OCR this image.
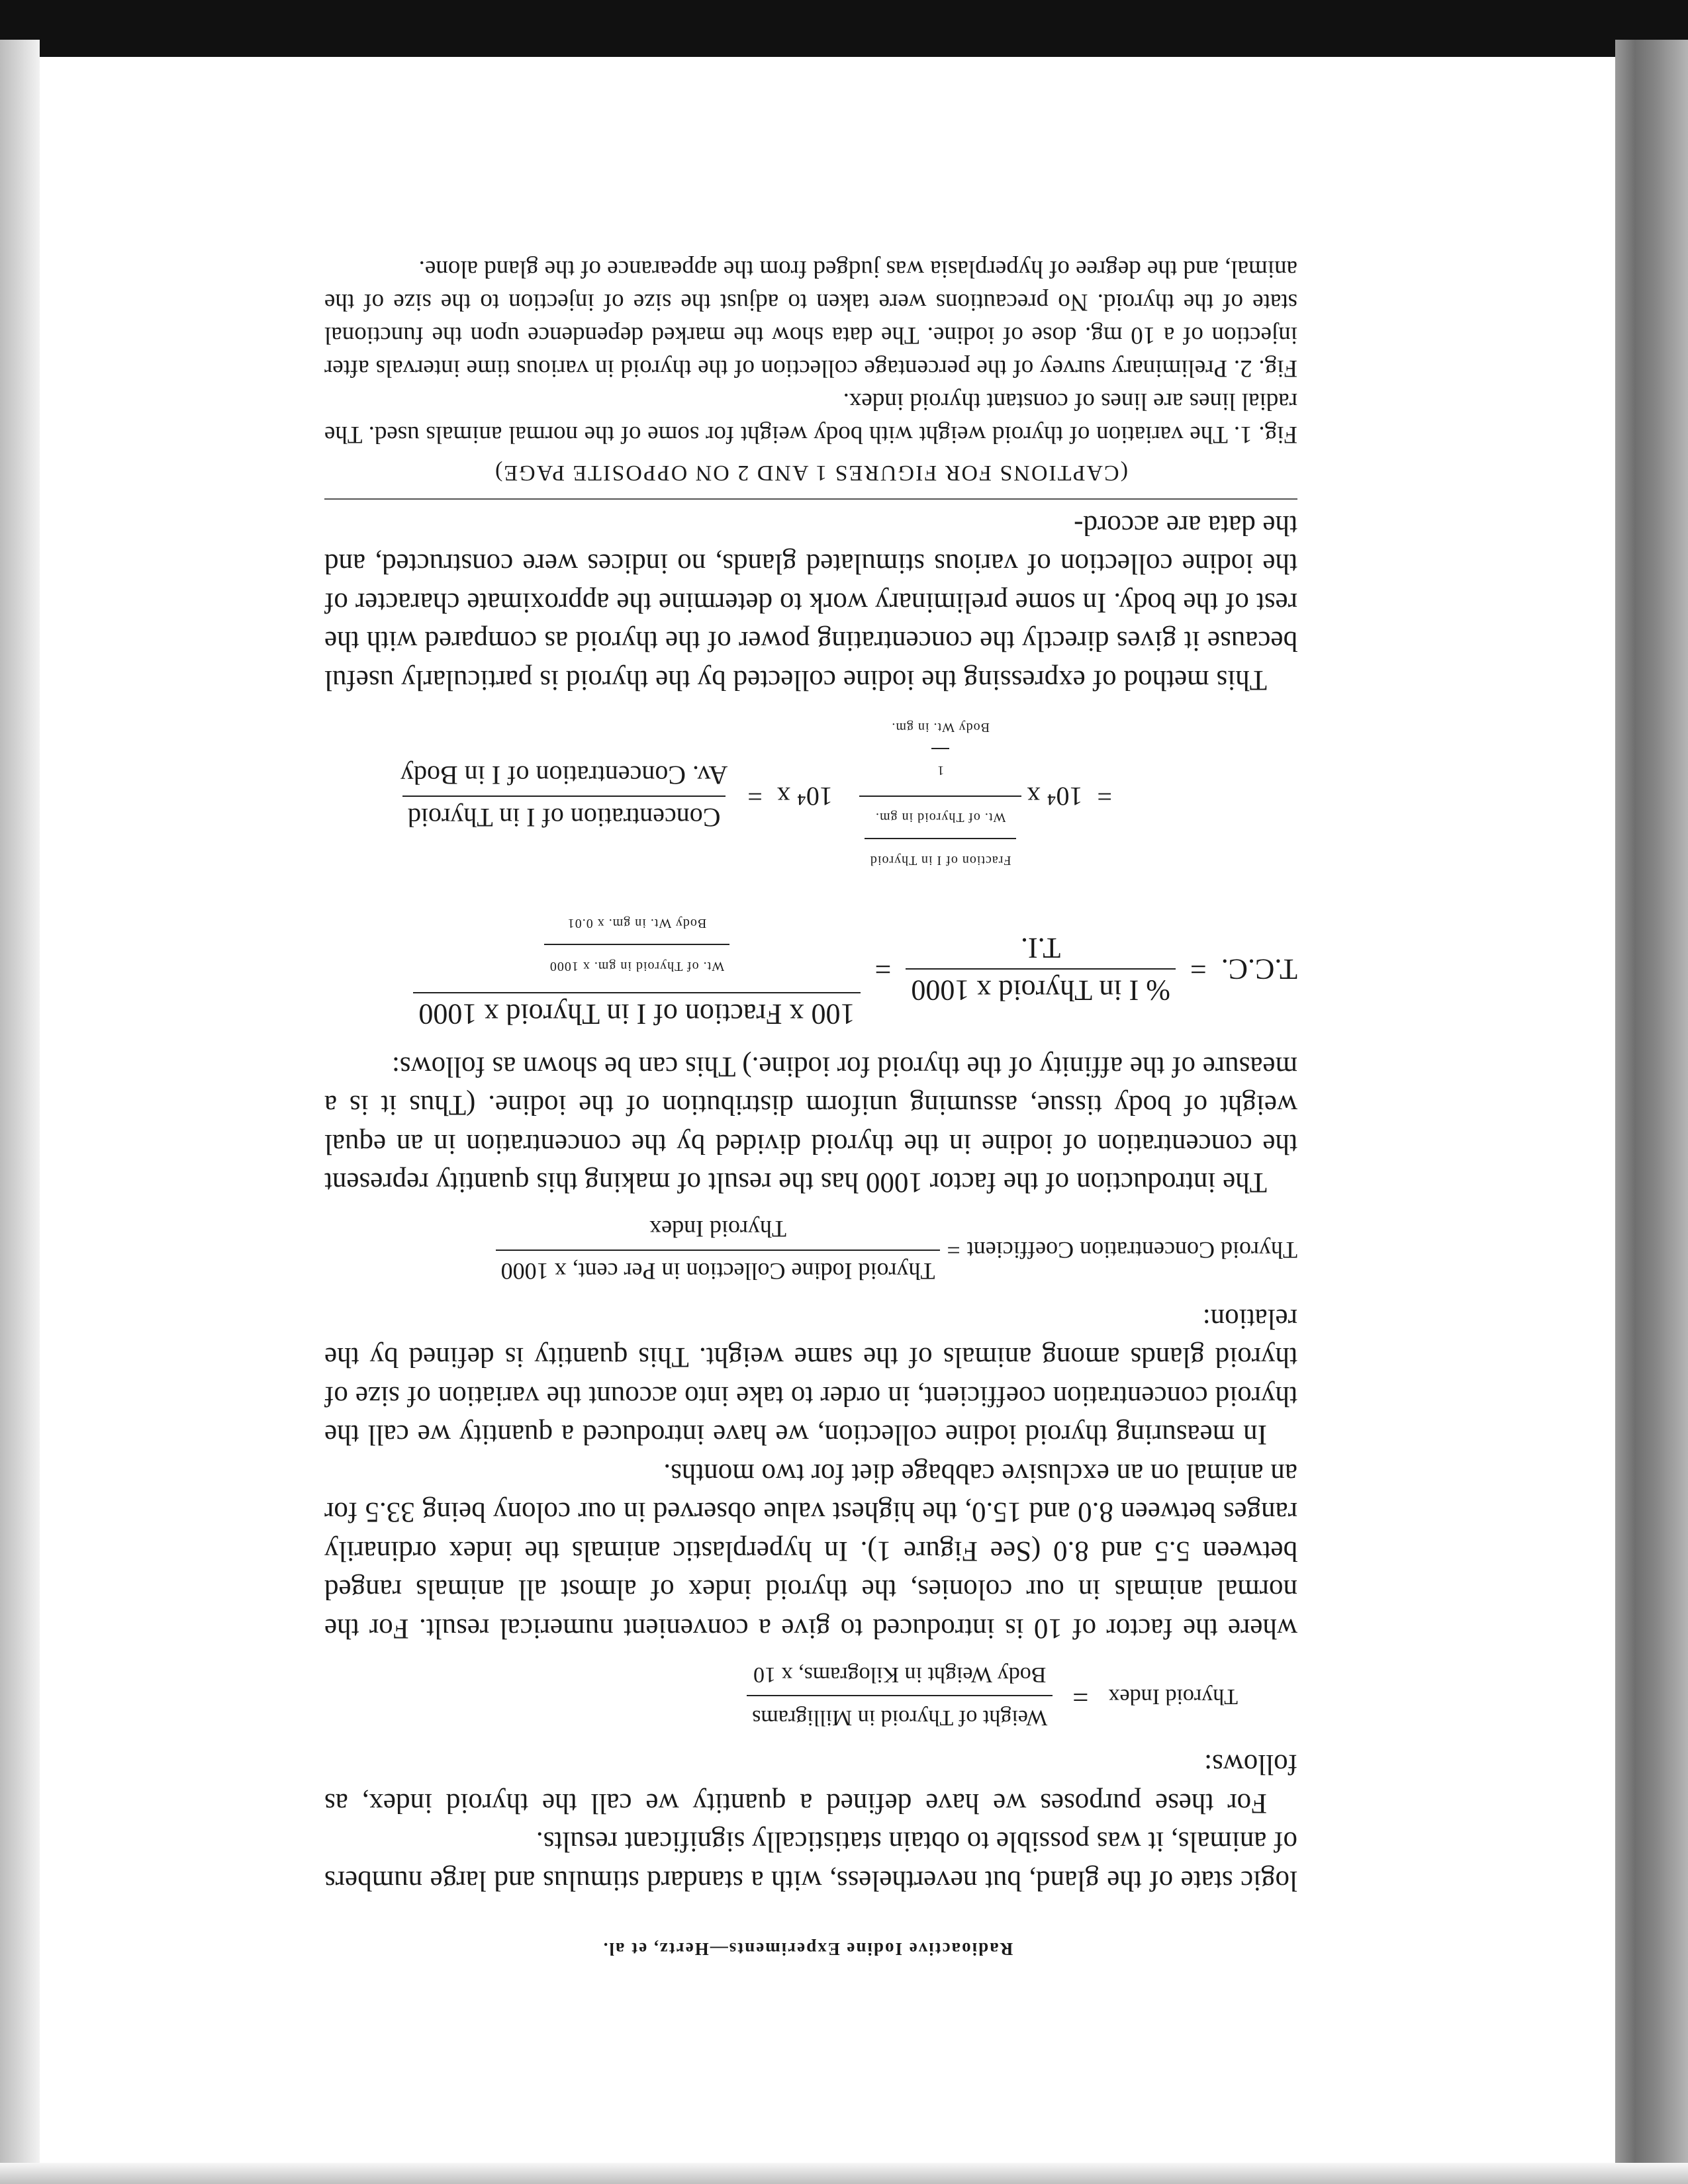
Radioactive Iodine Experiments—Hertz, et al.

logic state of the gland, but nevertheless, with a standard stimulus and large numbers of animals, it was possible to obtain statistically significant results.

For these purposes we have defined a quantity we call the thyroid index, as follows:

Thyroid Index
=
Weight of Thyroid in Milligrams
Body Weight in Kilograms, x 10

where the factor of 10 is introduced to give a convenient numerical result. For the normal animals in our colonies, the thyroid index of almost all animals ranged between 5.5 and 8.0 (See Figure 1). In hyperplastic animals the index ordinarily ranges between 8.0 and 15.0, the highest value observed in our colony being 33.5 for an animal on an exclusive cabbage diet for two months.

In measuring thyroid iodine collection, we have introduced a quantity we call the thyroid concentration coefficient, in order to take into account the variation of size of thyroid glands among animals of the same weight. This quantity is defined by the relation:

Thyroid Concentration Coefficient
=
Thyroid Iodine Collection in Per cent, x 1000
Thyroid Index

The introduction of the factor 1000 has the result of making this quantity represent the concentration of iodine in the thyroid divided by the concentration in an equal weight of body tissue, assuming uniform distribution of the iodine. (Thus it is a measure of the affinity of the thyroid for iodine.) This can be shown as follows:

T.C.C.
=
% I in Thyroid x 1000
T.I.
=
100 x Fraction of I in Thyroid x 1000
Wt. of Thyroid in gm. x 1000
Body Wt. in gm. x 0.01
=
10⁴ x
Fraction of I in Thyroid
Wt. of Thyroid in gm.
1
Body Wt. in gm.
10⁴ x
=
Concentration of I in Thyroid
Av. Concentration of I in Body

This method of expressing the iodine collected by the thyroid is particularly useful because it gives directly the concentrating power of the thyroid as compared with the rest of the body. In some preliminary work to determine the approximate character of the iodine collection of various stimulated glands, no indices were constructed, and the data are accord-

(CAPTIONS FOR FIGURES 1 AND 2 ON OPPOSITE PAGE)

Fig. 1. The variation of thyroid weight with body weight for some of the normal animals used. The radial lines are lines of constant thyroid index.

Fig. 2. Preliminary survey of the percentage collection of the thyroid in various time intervals after injection of a 10 mg. dose of iodine. The data show the marked dependence upon the functional state of the thyroid. No precautions were taken to adjust the size of injection to the size of the animal, and the degree of hyperplasia was judged from the appearance of the gland alone.
